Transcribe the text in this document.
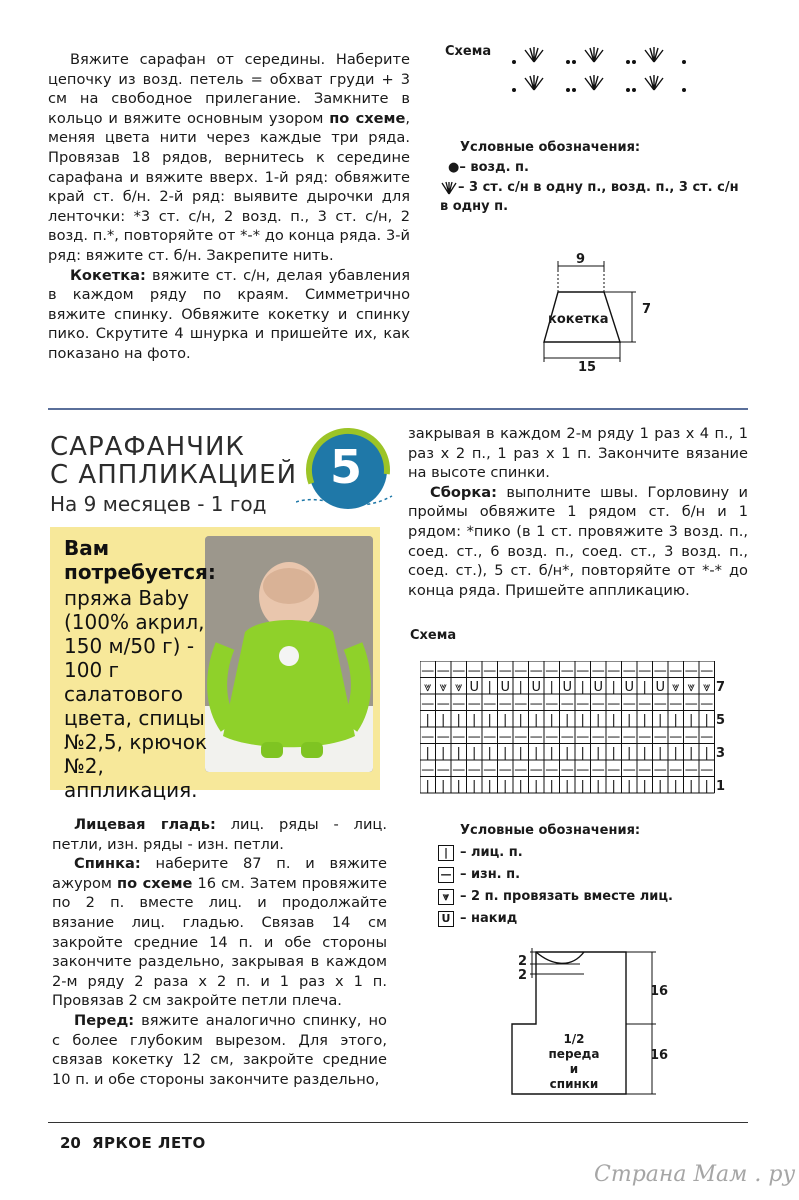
Вяжите сарафан от середины. Наберите цепочку из возд. петель = обхват груди + 3 см на свободное прилегание. Замкните в кольцо и вяжите основным узором по схеме, меняя цвета нити через каждые три ряда. Провязав 18 рядов, вернитесь к середине сарафана и вяжите вверх. 1-й ряд: обвяжите край ст. б/н. 2-й ряд: выявите дырочки для ленточки: *3 ст. с/н, 2 возд. п., 3 ст. с/н, 2 возд. п.*, повторяйте от *-* до конца ряда. 3-й ряд: вяжите ст. б/н. Закрепите нить.

Кокетка: вяжите ст. с/н, делая убавления в каждом ряду по краям. Симметрично вяжите спинку. Обвяжите кокетку и спинку пико. Скрутите 4 шнурка и пришейте их, как показано на фото.

Схема
Условные обозначения:
●– возд. п.
– 3 ст. с/н в одну п., возд. п., 3 ст. с/н в одну п.
9
7
15
кокетка
САРАФАНЧИК
С АППЛИКАЦИЕЙ
На 9 месяцев - 1 год
5
Вам потребуется:
пряжа Baby (100% акрил, 150 м/50 г) - 100 г салатового цвета, спицы №2,5, крючок №2, аппликация.

закрывая в каждом 2-м ряду 1 раз х 4 п., 1 раз х 2 п., 1 раз х 1 п. Закончите вязание на высоте спинки.

Сборка: выполните швы. Горловину и проймы обвяжите 1 рядом ст. б/н и 1 рядом: *пико (в 1 ст. провяжите 3 возд. п., соед. ст., 6 возд. п., соед. ст., 3 возд. п., соед. ст.), 5 ст. б/н*, повторяйте от *-* до конца ряда. Пришейте аппликацию.

Лицевая гладь: лиц. ряды - лиц. петли, изн. ряды - изн. петли.

Спинка: наберите 87 п. и вяжите ажуром по схеме 16 см. Затем провяжите по 2 п. вместе лиц. и продолжайте вязание лиц. гладью. Связав 14 см закройте средние 14 п. и обе стороны закончите раздельно, закрывая в каждом 2-м ряду 2 раза х 2 п. и 1 раз х 1 п. Провязав 2 см закройте петли плеча.

Перед: вяжите аналогично спинку, но с более глубоким вырезом. Для этого, связав кокетку 12 см, закройте средние 10 п. и обе стороны закончите раздельно,

Схема
— — — — — — — — — — — — — — — — — — —
⩔ ⩔ ⩔ U | U | U | U | U | U | U ⩔ ⩔ ⩔
— — — — — — — — — — — — — — — — — — —
| | | | | | | | | | | | | | | | | | |
— — — — — — — — — — — — — — — — — — —
| | | | | | | | | | | | | | | | | | |
— — — — — — — — — — — — — — — — — — —
| | | | | | | | | | | | | | | | | | |
7
5
3
1
Условные обозначения:
| – лиц. п.
— – изн. п.
⩔ – 2 п. провязать вместе лиц.
U – накид
2
2
16
16
1/2
переда
и спинки
20 ЯРКОЕ ЛЕТО
Страна Мам . ру
